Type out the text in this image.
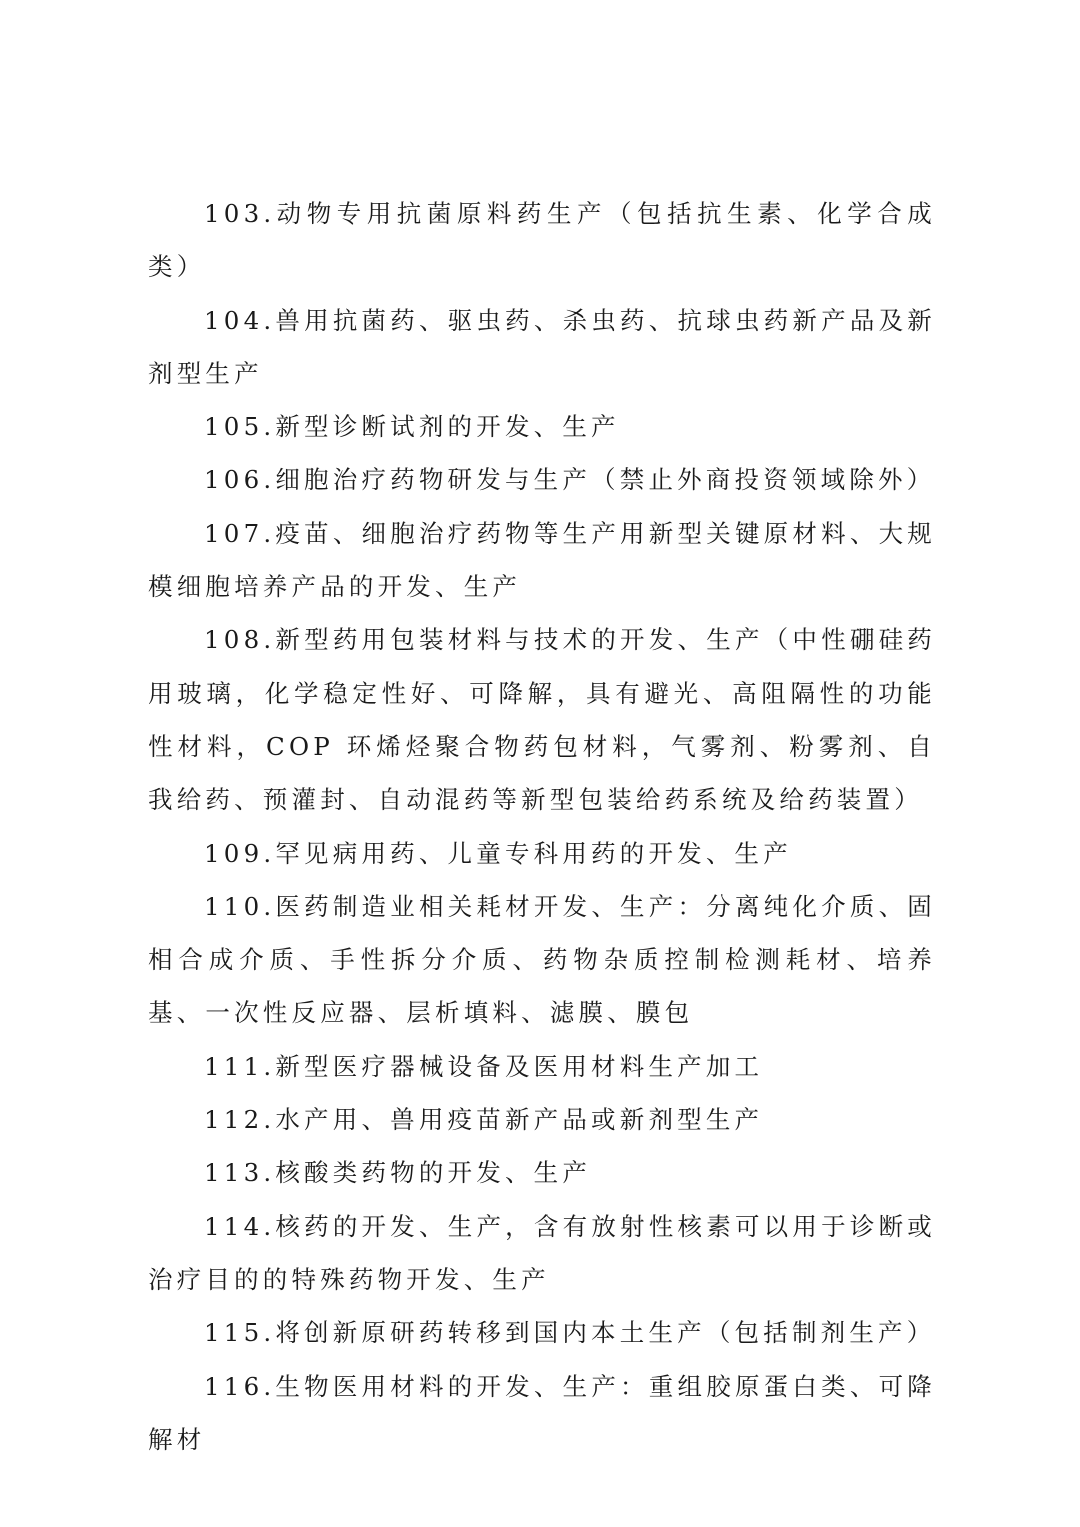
103.动物专用抗菌原料药生产（包括抗生素、化学合成类）

104.兽用抗菌药、驱虫药、杀虫药、抗球虫药新产品及新剂型生产

105.新型诊断试剂的开发、生产

106.细胞治疗药物研发与生产（禁止外商投资领域除外）

107.疫苗、细胞治疗药物等生产用新型关键原材料、大规模细胞培养产品的开发、生产

108.新型药用包装材料与技术的开发、生产（中性硼硅药用玻璃，化学稳定性好、可降解，具有避光、高阻隔性的功能性材料，COP 环烯烃聚合物药包材料，气雾剂、粉雾剂、自我给药、预灌封、自动混药等新型包装给药系统及给药装置）

109.罕见病用药、儿童专科用药的开发、生产

110.医药制造业相关耗材开发、生产：分离纯化介质、固相合成介质、手性拆分介质、药物杂质控制检测耗材、培养基、一次性反应器、层析填料、滤膜、膜包

111.新型医疗器械设备及医用材料生产加工

112.水产用、兽用疫苗新产品或新剂型生产

113.核酸类药物的开发、生产

114.核药的开发、生产，含有放射性核素可以用于诊断或治疗目的的特殊药物开发、生产

115.将创新原研药转移到国内本土生产（包括制剂生产）

116.生物医用材料的开发、生产：重组胶原蛋白类、可降解材
